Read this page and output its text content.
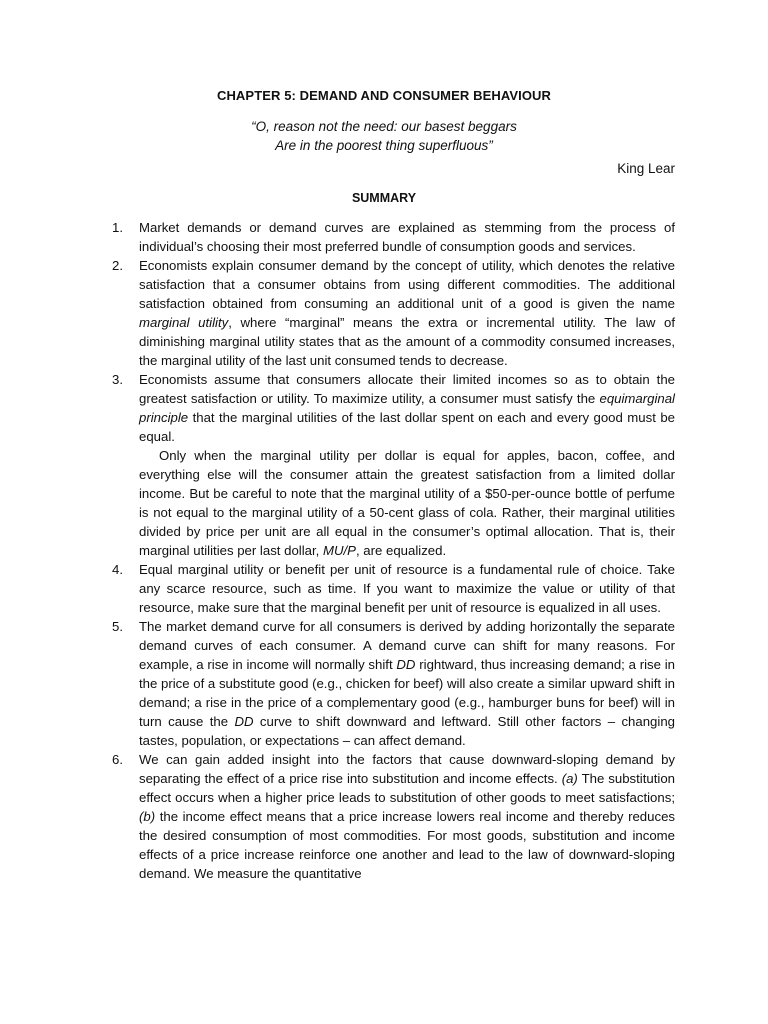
CHAPTER 5: DEMAND AND CONSUMER BEHAVIOUR
“O, reason not the need: our basest beggars
Are in the poorest thing superfluous”
King Lear
SUMMARY
1. Market demands or demand curves are explained as stemming from the process of individual’s choosing their most preferred bundle of consumption goods and services.

2. Economists explain consumer demand by the concept of utility, which denotes the relative satisfaction that a consumer obtains from using different commodities. The additional satisfaction obtained from consuming an additional unit of a good is given the name marginal utility, where “marginal” means the extra or incremental utility. The law of diminishing marginal utility states that as the amount of a commodity consumed increases, the marginal utility of the last unit consumed tends to decrease.

3. Economists assume that consumers allocate their limited incomes so as to obtain the greatest satisfaction or utility. To maximize utility, a consumer must satisfy the equimarginal principle that the marginal utilities of the last dollar spent on each and every good must be equal.

Only when the marginal utility per dollar is equal for apples, bacon, coffee, and everything else will the consumer attain the greatest satisfaction from a limited dollar income. But be careful to note that the marginal utility of a $50-per-ounce bottle of perfume is not equal to the marginal utility of a 50-cent glass of cola. Rather, their marginal utilities divided by price per unit are all equal in the consumer’s optimal allocation. That is, their marginal utilities per last dollar, MU/P, are equalized.

4. Equal marginal utility or benefit per unit of resource is a fundamental rule of choice. Take any scarce resource, such as time. If you want to maximize the value or utility of that resource, make sure that the marginal benefit per unit of resource is equalized in all uses.

5. The market demand curve for all consumers is derived by adding horizontally the separate demand curves of each consumer. A demand curve can shift for many reasons. For example, a rise in income will normally shift DD rightward, thus increasing demand; a rise in the price of a substitute good (e.g., chicken for beef) will also create a similar upward shift in demand; a rise in the price of a complementary good (e.g., hamburger buns for beef) will in turn cause the DD curve to shift downward and leftward. Still other factors – changing tastes, population, or expectations – can affect demand.

6. We can gain added insight into the factors that cause downward-sloping demand by separating the effect of a price rise into substitution and income effects. (a) The substitution effect occurs when a higher price leads to substitution of other goods to meet satisfactions; (b) the income effect means that a price increase lowers real income and thereby reduces the desired consumption of most commodities. For most goods, substitution and income effects of a price increase reinforce one another and lead to the law of downward-sloping demand. We measure the quantitative
